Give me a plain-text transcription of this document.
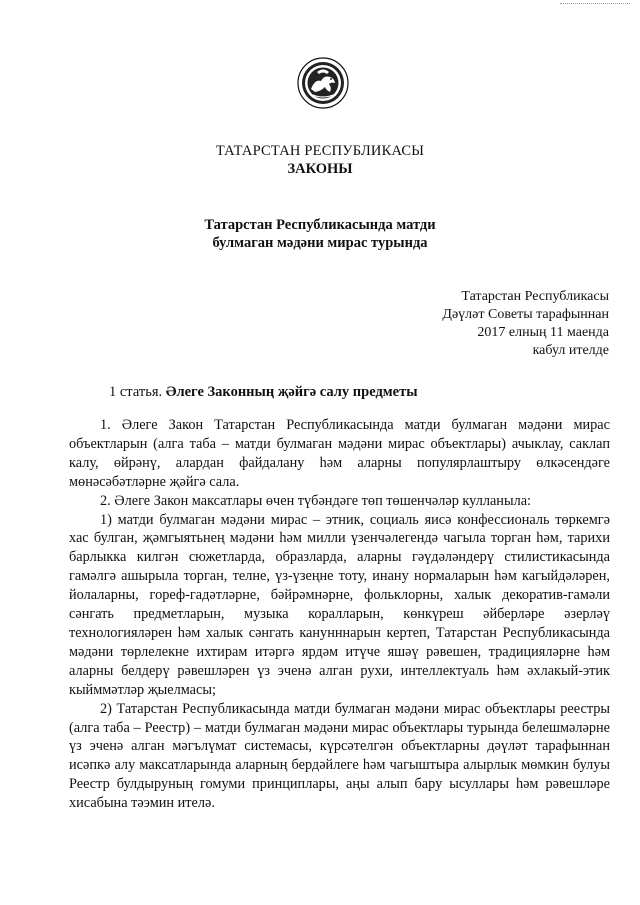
ТАТАРСТАН РЕСПУБЛИКАСЫ
ЗАКОНЫ
Татарстан Республикасында матди
булмаган мәдәни мирас турында
Татарстан Республикасы
Дәүләт Советы тарафыннан
2017 елның 11 маенда
кабул ителде
1 статья. Әлеге Законның җәйгә салу предметы

1. Әлеге Закон Татарстан Республикасында матди булмаган мәдәни мирас объектларын (алга таба – матди булмаган мәдәни мирас объектлары) ачыклау, саклап калу, өйрәнү, алардан файдалану һәм аларны популярлаштыру өлкәсендәге мөнәсәбәтләрне җәйгә сала.

2. Әлеге Закон максатлары өчен түбәндәге төп төшенчәләр кулланыла:

1) матди булмаган мәдәни мирас – этник, социаль яисә конфессиональ төркемгә хас булган, җәмгыятьнең мәдәни һәм милли үзенчәлегендә чагыла торган һәм, тарихи барлыкка килгән сюжетларда, образларда, аларны гәүдәләндерү стилистикасында гамәлгә ашырыла торган, телне, үз-үзеңне тоту, инану нормаларын һәм кагыйдәләрен, йолаларны, гореф-гадәтләрне, бәйрәмнәрне, фольклорны, халык декоратив-гамәли сәнгать предметларын, музыка коралларын, көнкүреш әйберләре әзерләү технологияләрен һәм халык сәнгать канунннарын кертеп, Татарстан Республикасында мәдәни төрлелекне ихтирам итәргә ярдәм итүче яшәү рәвешен, традицияләрне һәм аларны белдерү рәвешләрен үз эченә алган рухи, интеллектуаль һәм әхлакый-этик кыйммәтләр җыелмасы;

2) Татарстан Республикасында матди булмаган мәдәни мирас объектлары реестры (алга таба – Реестр) – матди булмаган мәдәни мирас объектлары турында белешмәләрне үз эченә алган мәгълүмат системасы, күрсәтелгән объектларны дәүләт тарафыннан исәпкә алу максатларында аларның бердәйлеге һәм чагыштыра алырлык мөмкин булуы Реестр булдыруның гомуми принциплары, аңы алып бару ысуллары һәм рәвешләре хисабына тәэмин ителә.
